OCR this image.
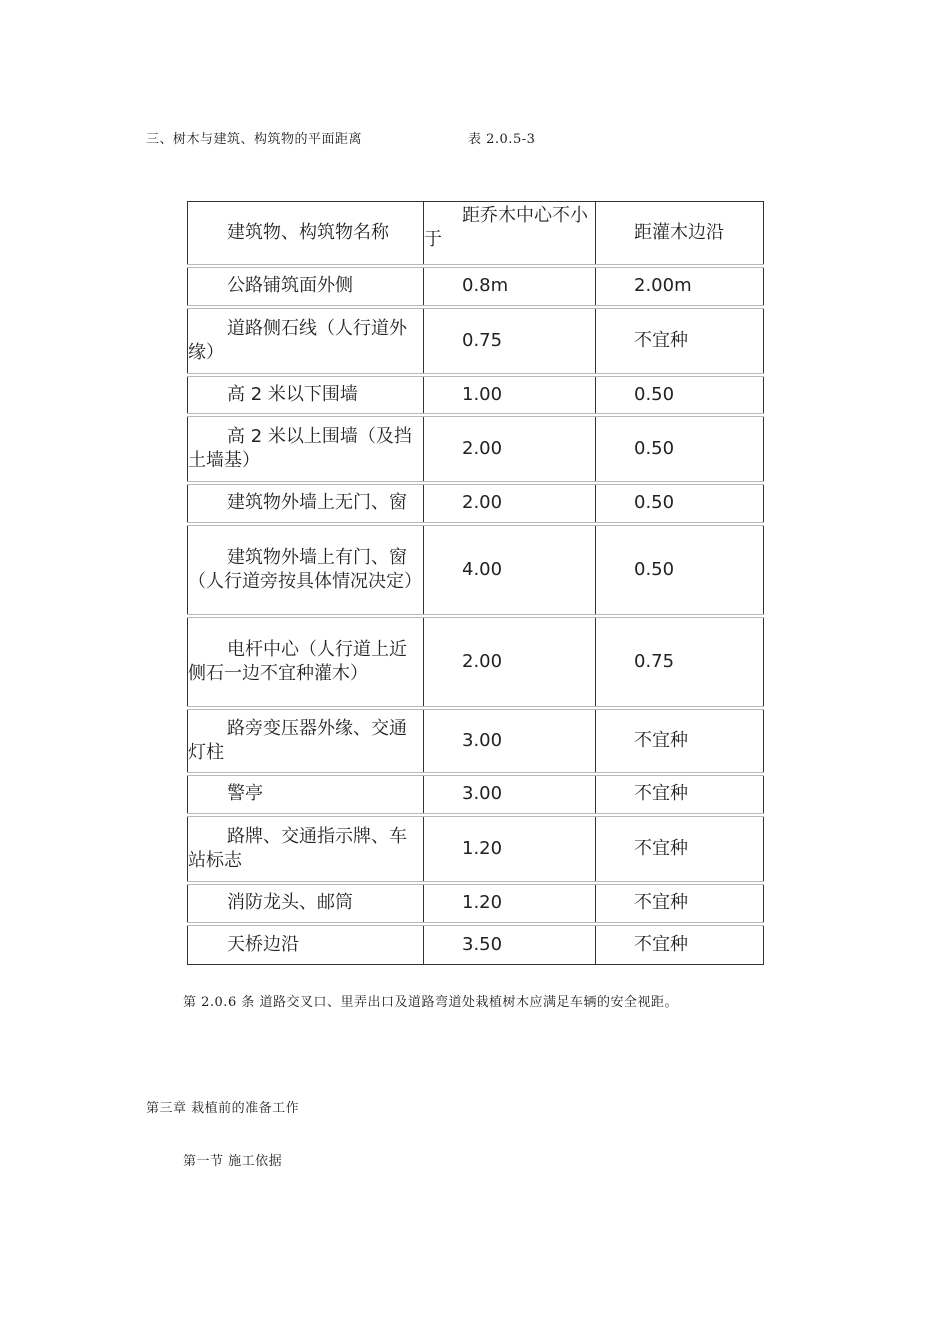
三、树木与建筑、构筑物的平面距离	表 2.0.5-3
建筑物、构筑物名称	距乔木中心不小于	距灌木边沿

公路铺筑面外侧	0.8m	2.00m

道路侧石线（人行道外缘）	0.75	不宜种

高 2 米以下围墙	1.00	0.50

高 2 米以上围墙（及挡土墙基）	2.00	0.50

建筑物外墙上无门、窗	2.00	0.50

建筑物外墙上有门、窗（人行道旁按具体情况决定）	4.00	0.50

电杆中心（人行道上近侧石一边不宜种灌木）	2.00	0.75

路旁变压器外缘、交通灯柱	3.00	不宜种

警亭	3.00	不宜种

路牌、交通指示牌、车站标志	1.20	不宜种

消防龙头、邮筒	1.20	不宜种

天桥边沿	3.50	不宜种
第 2.0.6 条 道路交叉口、里弄出口及道路弯道处栽植树木应满足车辆的安全视距。
第三章 栽植前的准备工作
第一节 施工依据
